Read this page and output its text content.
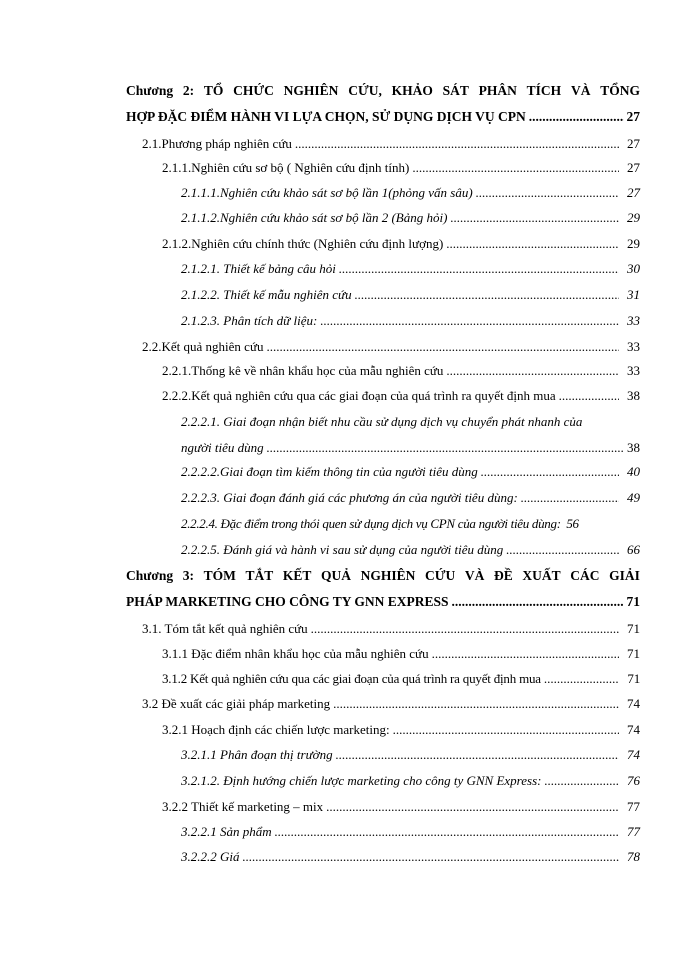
Chương 2: TỔ CHỨC NGHIÊN CỨU, KHẢO SÁT PHÂN TÍCH VÀ TỔNG
HỢP ĐẶC ĐIỂM HÀNH VI LỰA CHỌN, SỬ DỤNG DỊCH VỤ CPN .....	27
2.1.Phương pháp nghiên cứu .....	27
2.1.1.Nghiên cứu sơ bộ ( Nghiên cứu định tính) .....	27
2.1.1.1.Nghiên cứu khảo sát sơ bộ lần 1(phỏng vấn sâu) .....	27
2.1.1.2.Nghiên cứu khảo sát sơ bộ lần 2 (Bảng hỏi) .....	29
2.1.2.Nghiên cứu chính thức (Nghiên cứu định lượng) .....	29
2.1.2.1. Thiết kế bảng câu hỏi .....	30
2.1.2.2. Thiết kế mẫu nghiên cứu .....	31
2.1.2.3. Phân tích dữ liệu: .....	33
2.2.Kết quả nghiên cứu .....	33
2.2.1.Thống kê về nhân khẩu học của mẫu nghiên cứu .....	33
2.2.2.Kết quả nghiên cứu qua các giai đoạn của quá trình ra quyết định mua .....	38
2.2.2.1. Giai đoạn nhận biết nhu cầu sử dụng dịch vụ chuyển phát nhanh của
người tiêu dùng .....	38
2.2.2.2.Giai đoạn tìm kiếm thông tin của người tiêu dùng .....	40
2.2.2.3. Giai đoạn đánh giá các phương án của người tiêu dùng: .....	49
2.2.2.4. Đặc điểm trong thói quen sử dụng dịch vụ CPN của người tiêu dùng: 56
2.2.2.5. Đánh giá và hành vi sau sử dụng của người tiêu dùng .....	66
Chương 3: TÓM TẮT KẾT QUẢ NGHIÊN CỨU VÀ ĐỀ XUẤT CÁC GIẢI
PHÁP MARKETING CHO CÔNG TY GNN EXPRESS .....	71
3.1. Tóm tắt kết quả nghiên cứu .....	71
3.1.1 Đặc điểm nhân khẩu học của mẫu nghiên cứu .....	71
3.1.2 Kết quả nghiên cứu qua các giai đoạn của quá trình ra quyết định mua .....	71
3.2 Đề xuất các giải pháp marketing .....	74
3.2.1 Hoạch định các chiến lược marketing: .....	74
3.2.1.1 Phân đoạn thị trường .....	74
3.2.1.2. Định hướng chiến lược marketing cho công ty GNN Express: .....	76
3.2.2 Thiết kế marketing – mix .....	77
3.2.2.1 Sản phẩm .....	77
3.2.2.2 Giá .....	78
